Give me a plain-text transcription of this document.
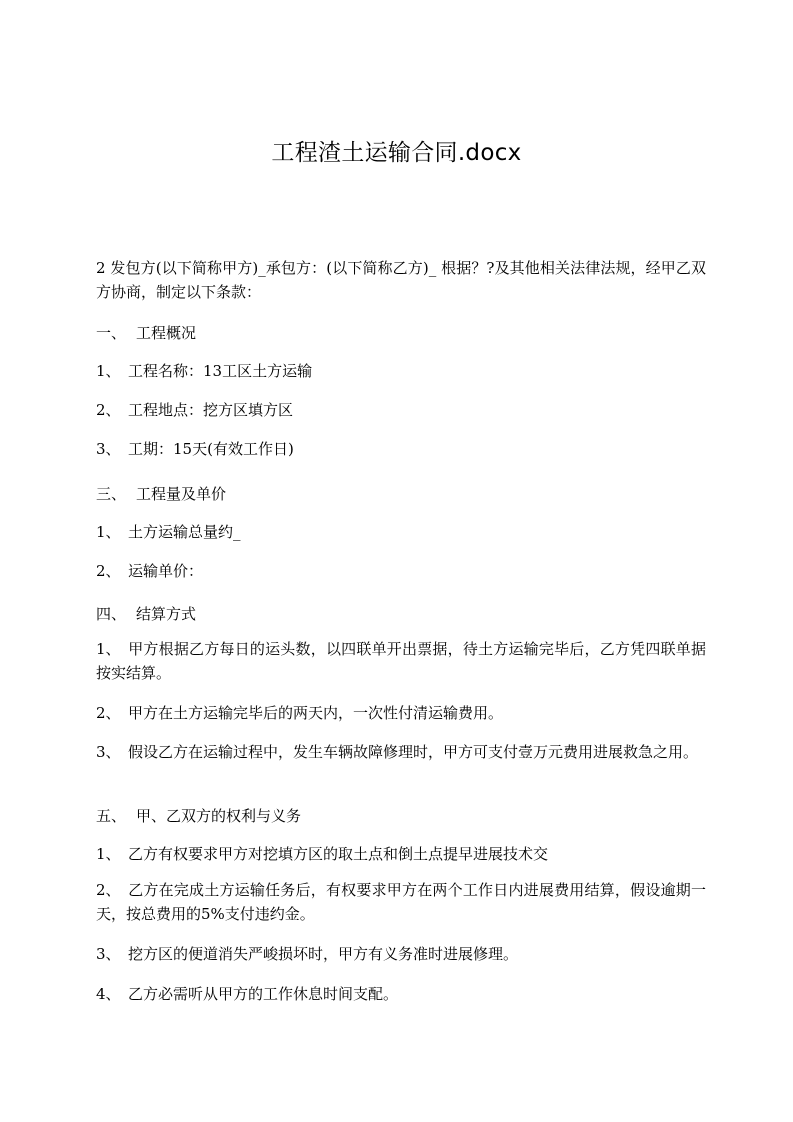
工程渣土运输合同.docx

2 发包方(以下简称甲方)_承包方：(以下简称乙方)_ 根据？?及其他相关法律法规，经甲乙双方协商，制定以下条款：

一、 工程概况

1、 工程名称：13工区土方运输

2、 工程地点：挖方区填方区

3、 工期：15天(有效工作日)

三、 工程量及单价

1、 土方运输总量约_

2、 运输单价：

四、 结算方式

1、 甲方根据乙方每日的运头数，以四联单开出票据，待土方运输完毕后，乙方凭四联单据按实结算。

2、 甲方在土方运输完毕后的两天内，一次性付清运输费用。

3、 假设乙方在运输过程中，发生车辆故障修理时，甲方可支付壹万元费用进展救急之用。

五、 甲、乙双方的权利与义务

1、 乙方有权要求甲方对挖填方区的取土点和倒土点提早进展技术交

2、 乙方在完成土方运输任务后，有权要求甲方在两个工作日内进展费用结算，假设逾期一天，按总费用的5%支付违约金。

3、 挖方区的便道消失严峻损坏时，甲方有义务准时进展修理。

4、 乙方必需听从甲方的工作休息时间支配。
